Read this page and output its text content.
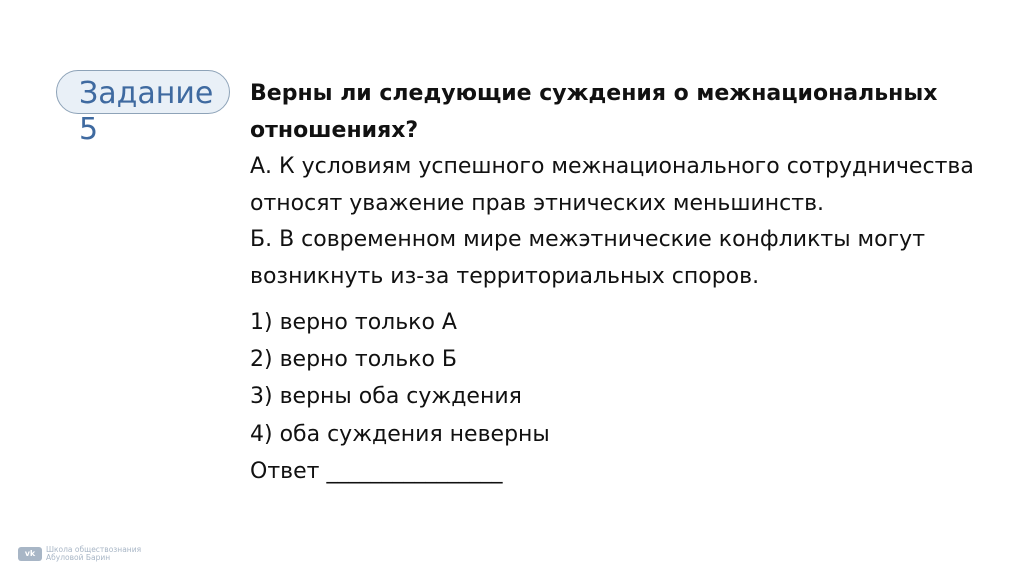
Задание 5

Верны ли следующие суждения о межнациональных отношениях?

А. К условиям успешного межнационального сотрудничества относят уважение прав этнических меньшинств.

Б. В современном мире межэтнические конфликты могут возникнуть из-за территориальных споров.

1) верно только А

2) верно только Б

3) верны оба суждения

4) оба суждения неверны

Ответ ________________

vk	Школа обществознания
Абуловой Барин
